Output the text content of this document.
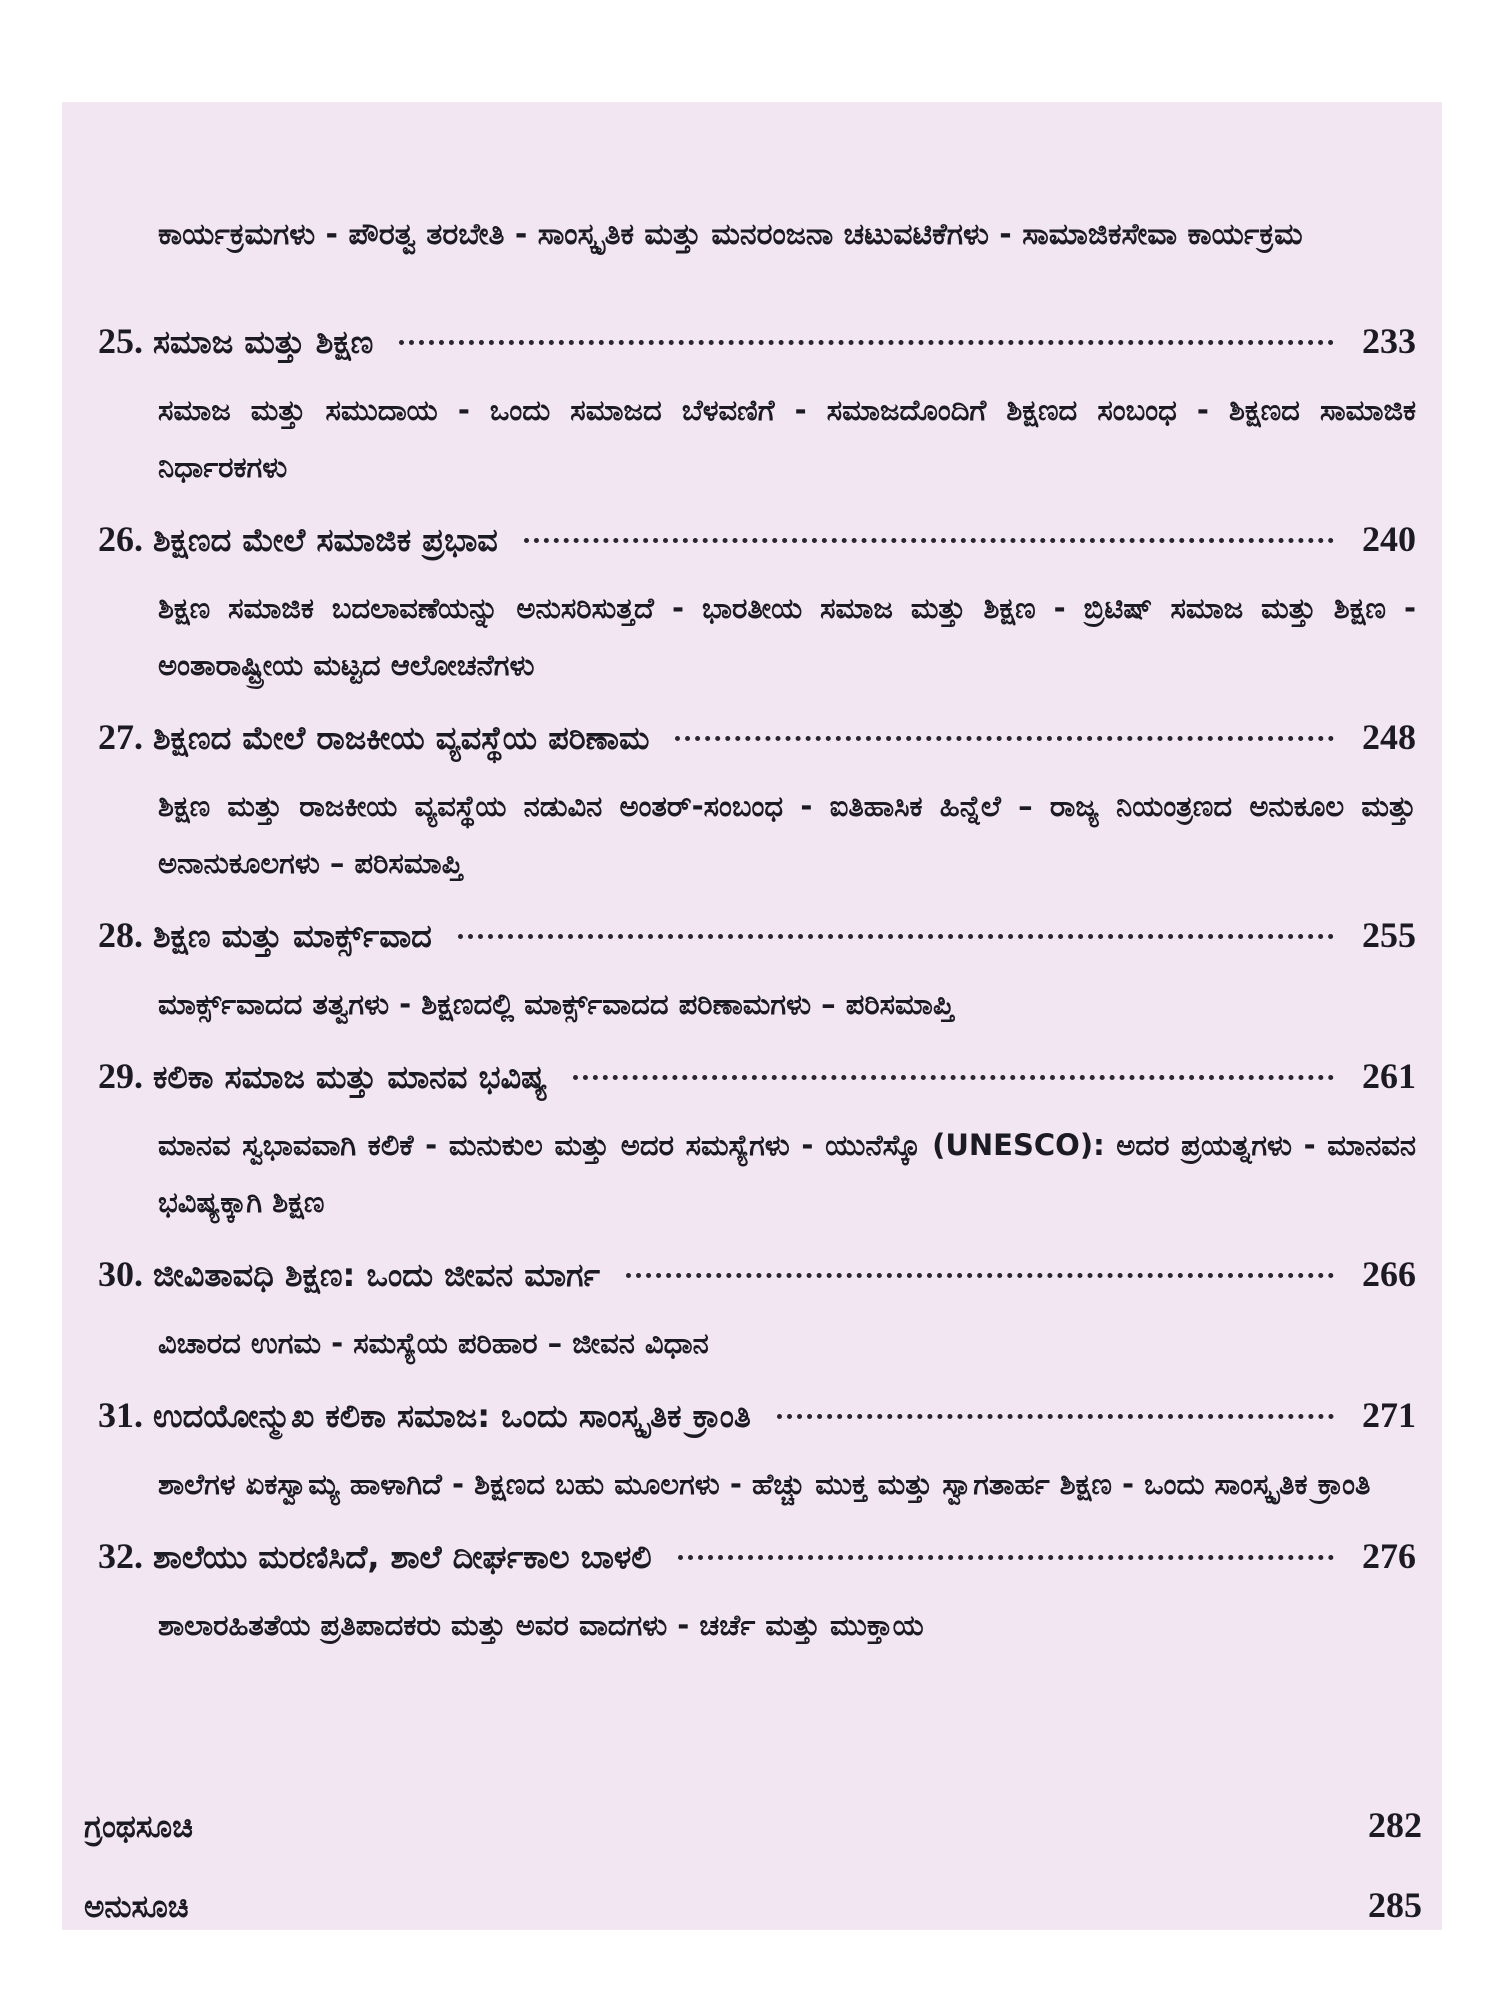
ಕಾರ್ಯಕ್ರಮಗಳು - ಪೌರತ್ವ ತರಬೇತಿ - ಸಾಂಸ್ಕೃತಿಕ ಮತ್ತು ಮನರಂಜನಾ ಚಟುವಟಿಕೆಗಳು - ಸಾಮಾಜಿಕಸೇವಾ ಕಾರ್ಯಕ್ರಮ
25. ಸಮಾಜ ಮತ್ತು ಶಿಕ್ಷಣ	233
ಸಮಾಜ ಮತ್ತು ಸಮುದಾಯ - ಒಂದು ಸಮಾಜದ ಬೆಳವಣಿಗೆ - ಸಮಾಜದೊಂದಿಗೆ ಶಿಕ್ಷಣದ ಸಂಬಂಧ - ಶಿಕ್ಷಣದ ಸಾಮಾಜಿಕ ನಿರ್ಧಾರಕಗಳು
26. ಶಿಕ್ಷಣದ ಮೇಲೆ ಸಮಾಜಿಕ ಪ್ರಭಾವ	240
ಶಿಕ್ಷಣ ಸಮಾಜಿಕ ಬದಲಾವಣೆಯನ್ನು ಅನುಸರಿಸುತ್ತದೆ - ಭಾರತೀಯ ಸಮಾಜ ಮತ್ತು ಶಿಕ್ಷಣ - ಬ್ರಿಟಿಷ್ ಸಮಾಜ ಮತ್ತು ಶಿಕ್ಷಣ - ಅಂತಾರಾಷ್ಟ್ರೀಯ ಮಟ್ಟದ ಆಲೋಚನೆಗಳು
27. ಶಿಕ್ಷಣದ ಮೇಲೆ ರಾಜಕೀಯ ವ್ಯವಸ್ಥೆಯ ಪರಿಣಾಮ	248
ಶಿಕ್ಷಣ ಮತ್ತು ರಾಜಕೀಯ ವ್ಯವಸ್ಥೆಯ ನಡುವಿನ ಅಂತರ್-ಸಂಬಂಧ - ಐತಿಹಾಸಿಕ ಹಿನ್ನೆಲೆ – ರಾಜ್ಯ ನಿಯಂತ್ರಣದ ಅನುಕೂಲ ಮತ್ತು ಅನಾನುಕೂಲಗಳು – ಪರಿಸಮಾಪ್ತಿ
28. ಶಿಕ್ಷಣ ಮತ್ತು ಮಾರ್ಕ್ಸ್‌ವಾದ	255
ಮಾರ್ಕ್ಸ್‌ವಾದದ ತತ್ವಗಳು - ಶಿಕ್ಷಣದಲ್ಲಿ ಮಾರ್ಕ್ಸ್‌ವಾದದ ಪರಿಣಾಮಗಳು – ಪರಿಸಮಾಪ್ತಿ
29. ಕಲಿಕಾ ಸಮಾಜ ಮತ್ತು ಮಾನವ ಭವಿಷ್ಯ	261
ಮಾನವ ಸ್ವಭಾವವಾಗಿ ಕಲಿಕೆ - ಮನುಕುಲ ಮತ್ತು ಅದರ ಸಮಸ್ಯೆಗಳು - ಯುನೆಸ್ಕೊ (UNESCO): ಅದರ ಪ್ರಯತ್ನಗಳು - ಮಾನವನ ಭವಿಷ್ಯಕ್ಕಾಗಿ ಶಿಕ್ಷಣ
30. ಜೀವಿತಾವಧಿ ಶಿಕ್ಷಣ: ಒಂದು ಜೀವನ ಮಾರ್ಗ	266
ವಿಚಾರದ ಉಗಮ - ಸಮಸ್ಯೆಯ ಪರಿಹಾರ – ಜೀವನ ವಿಧಾನ
31. ಉದಯೋನ್ಮುಖ ಕಲಿಕಾ ಸಮಾಜ: ಒಂದು ಸಾಂಸ್ಕೃತಿಕ ಕ್ರಾಂತಿ	271
ಶಾಲೆಗಳ ಏಕಸ್ವಾಮ್ಯ ಹಾಳಾಗಿದೆ - ಶಿಕ್ಷಣದ ಬಹು ಮೂಲಗಳು - ಹೆಚ್ಚು ಮುಕ್ತ ಮತ್ತು ಸ್ವಾಗತಾರ್ಹ ಶಿಕ್ಷಣ - ಒಂದು ಸಾಂಸ್ಕೃತಿಕ ಕ್ರಾಂತಿ
32. ಶಾಲೆಯು ಮರಣಿಸಿದೆ, ಶಾಲೆ ದೀರ್ಘಕಾಲ ಬಾಳಲಿ	276
ಶಾಲಾರಹಿತತೆಯ ಪ್ರತಿಪಾದಕರು ಮತ್ತು ಅವರ ವಾದಗಳು - ಚರ್ಚೆ ಮತ್ತು ಮುಕ್ತಾಯ
ಗ್ರಂಥಸೂಚಿ	282
ಅನುಸೂಚಿ	285
